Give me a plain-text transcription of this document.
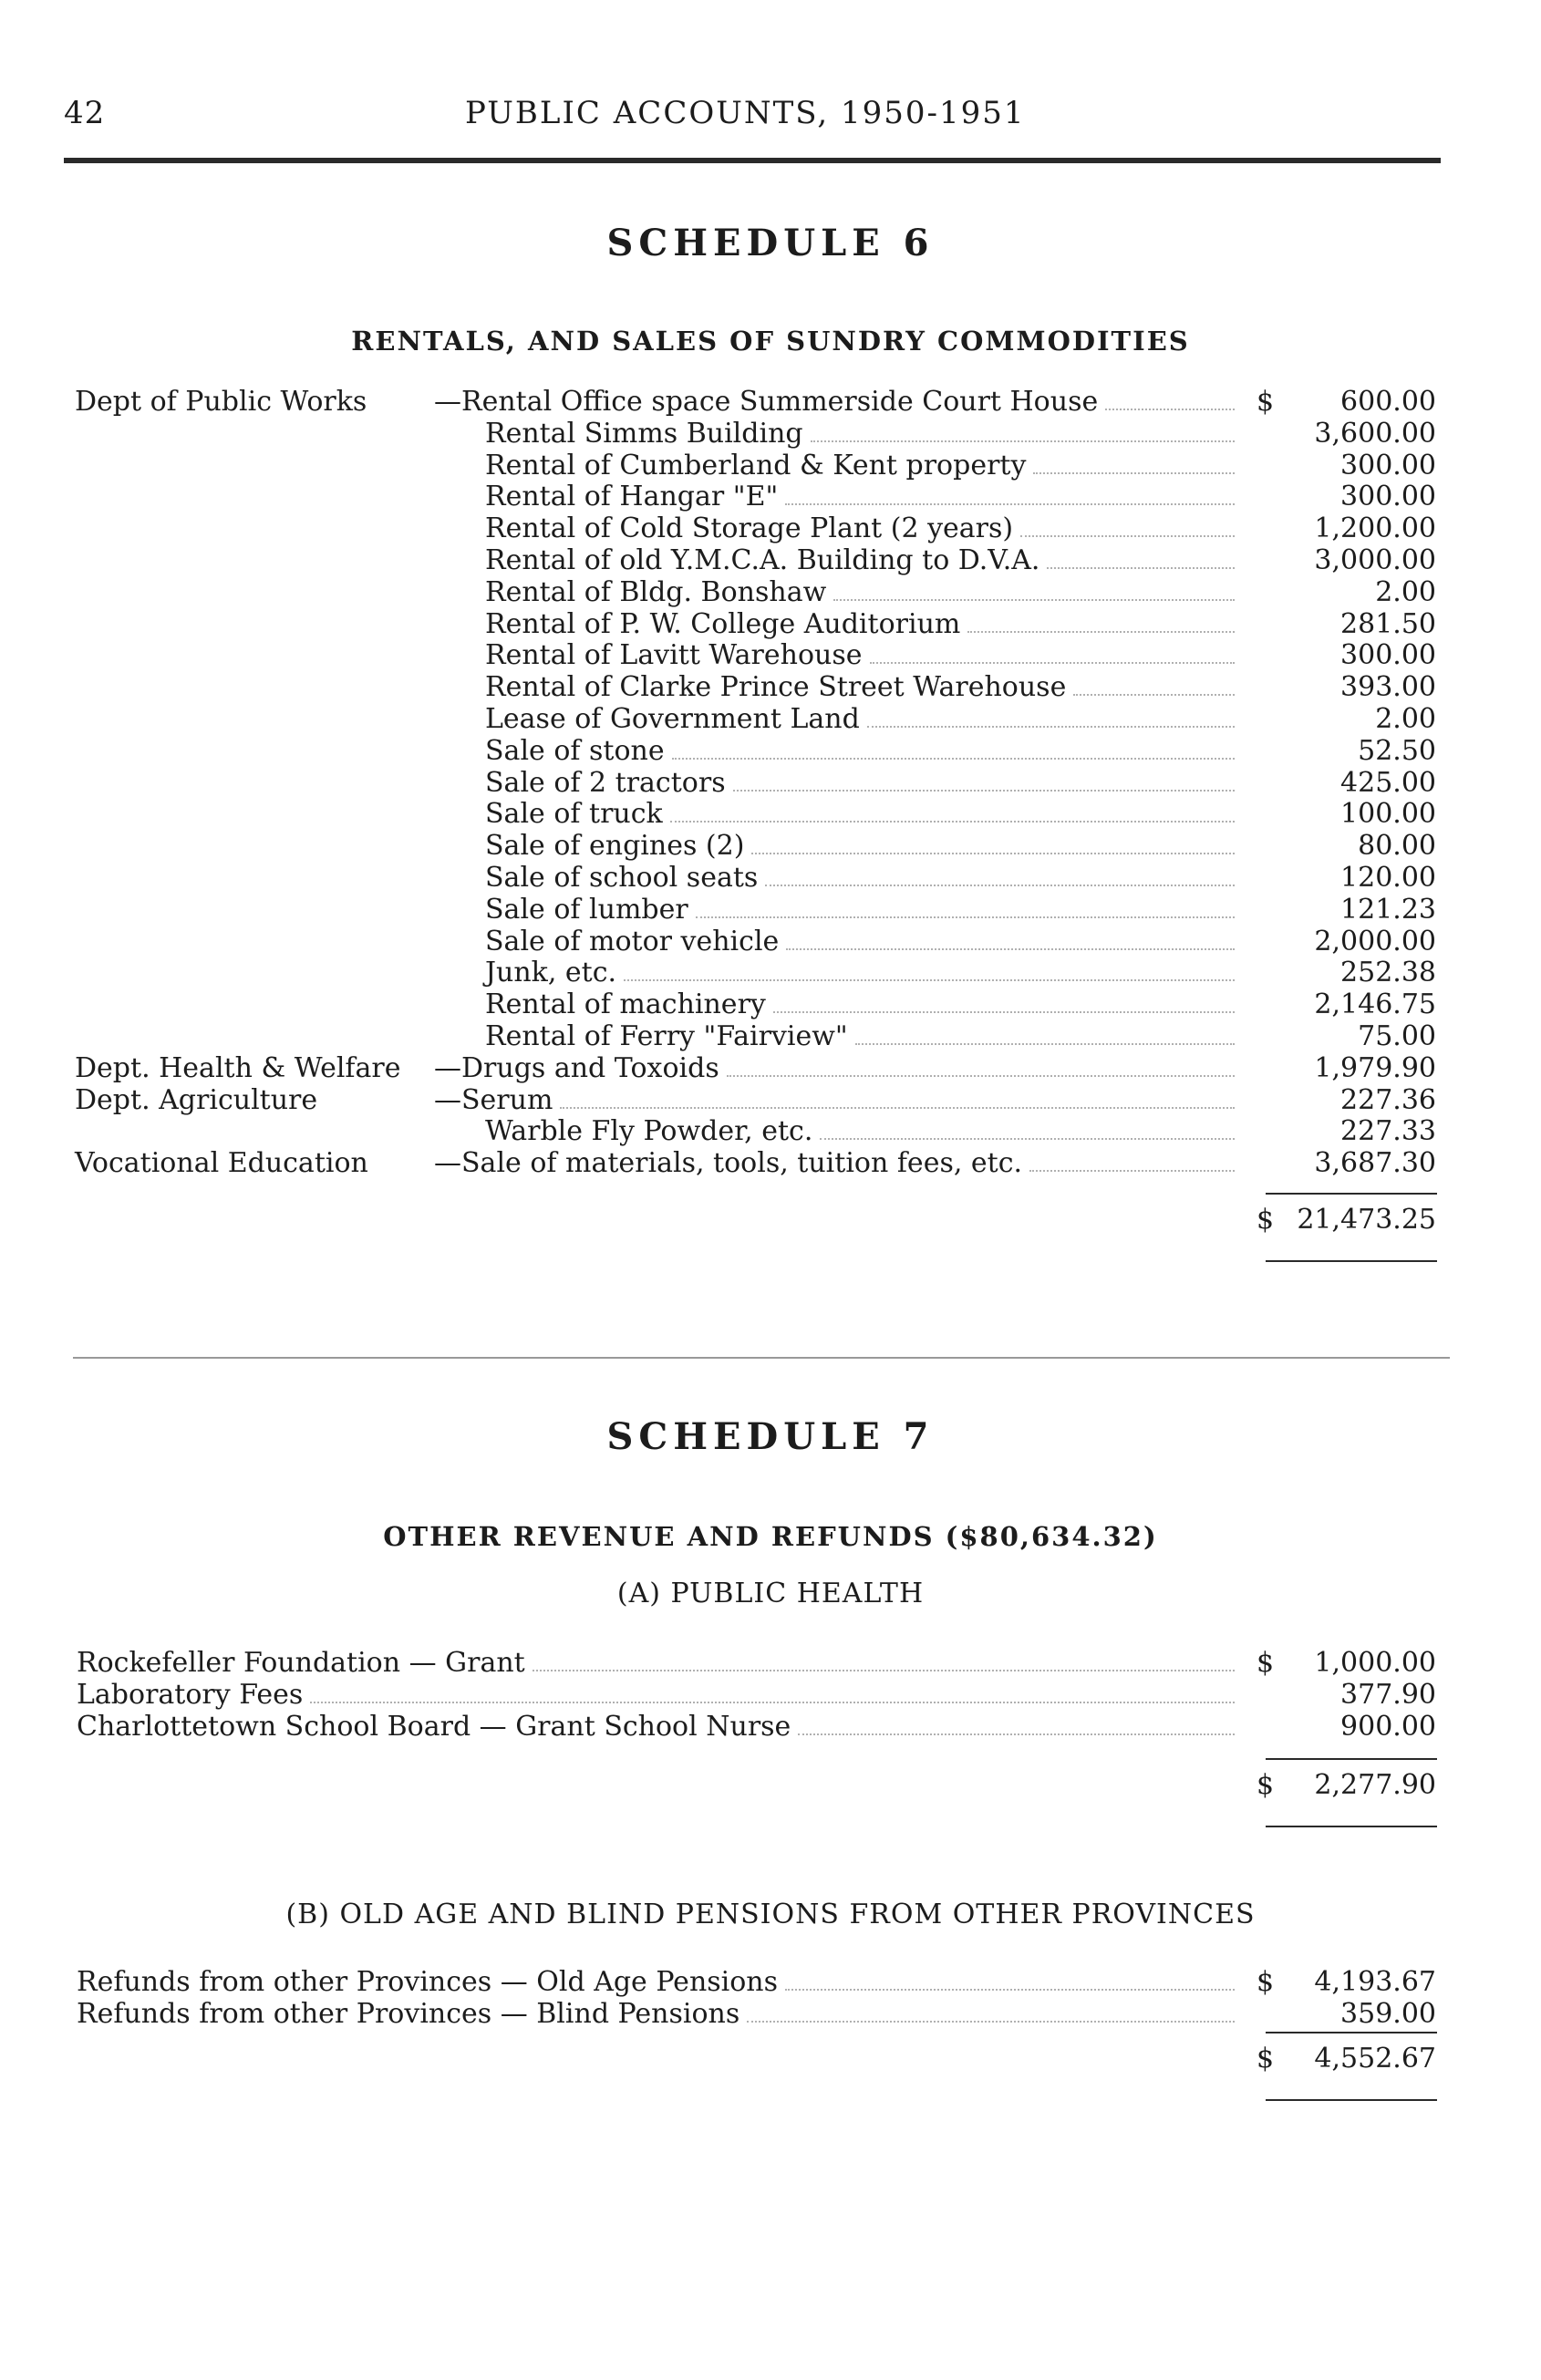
42	PUBLIC ACCOUNTS, 1950-1951
SCHEDULE 6
RENTALS, AND SALES OF SUNDRY COMMODITIES
Dept of Public Works —Rental Office space Summerside Court House	$ 600.00
Rental Simms Building	3,600.00
Rental of Cumberland & Kent property	300.00
Rental of Hangar "E"	300.00
Rental of Cold Storage Plant (2 years)	1,200.00
Rental of old Y.M.C.A. Building to D.V.A.	3,000.00
Rental of Bldg. Bonshaw	2.00
Rental of P. W. College Auditorium	281.50
Rental of Lavitt Warehouse	300.00
Rental of Clarke Prince Street Warehouse	393.00
Lease of Government Land	2.00
Sale of stone	52.50
Sale of 2 tractors	425.00
Sale of truck	100.00
Sale of engines (2)	80.00
Sale of school seats	120.00
Sale of lumber	121.23
Sale of motor vehicle	2,000.00
Junk, etc.	252.38
Rental of machinery	2,146.75
Rental of Ferry "Fairview"	75.00
Dept. Health & Welfare —Drugs and Toxoids	1,979.90
Dept. Agriculture	—Serum	227.36
Warble Fly Powder, etc.	227.33
Vocational Education —Sale of materials, tools, tuition fees, etc.	3,687.30
$ 21,473.25
SCHEDULE 7
OTHER REVENUE AND REFUNDS ($80,634.32)
(A) PUBLIC HEALTH
Rockefeller Foundation — Grant	$ 1,000.00
Laboratory Fees	377.90
Charlottetown School Board — Grant School Nurse	900.00
$ 2,277.90
(B) OLD AGE AND BLIND PENSIONS FROM OTHER PROVINCES
Refunds from other Provinces — Old Age Pensions	$ 4,193.67
Refunds from other Provinces — Blind Pensions	359.00
$ 4,552.67
